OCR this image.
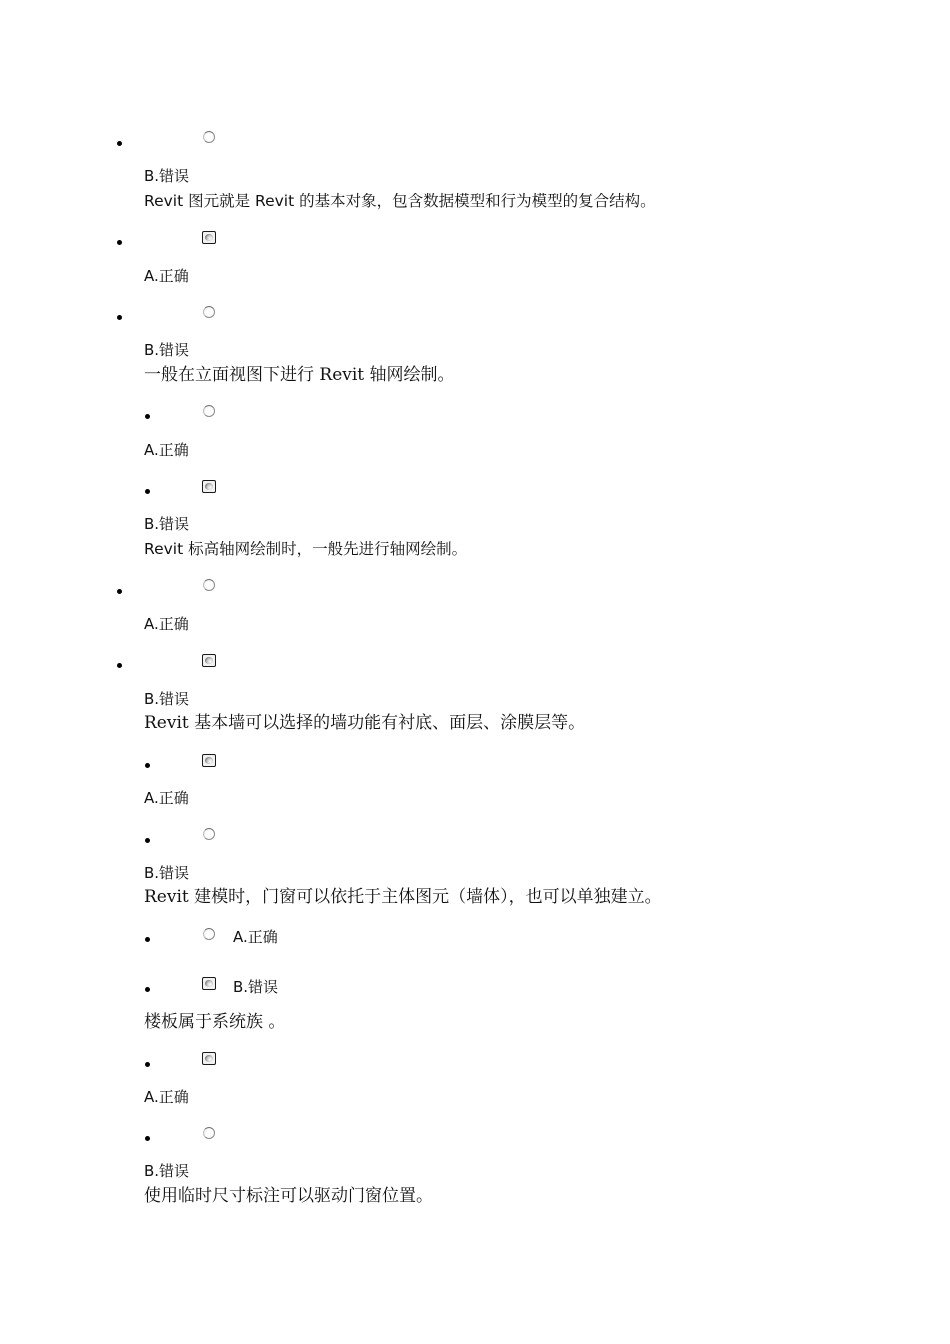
B.错误
Revit 图元就是 Revit 的基本对象，包含数据模型和行为模型的复合结构。
A.正确
B.错误
一般在立面视图下进行 Revit 轴网绘制。
A.正确
B.错误
Revit 标高轴网绘制时，一般先进行轴网绘制。
A.正确
B.错误
Revit 基本墙可以选择的墙功能有衬底、面层、涂膜层等。
A.正确
B.错误
Revit 建模时，门窗可以依托于主体图元（墙体），也可以单独建立。
A.正确
B.错误
楼板属于系统族 。
A.正确
B.错误
使用临时尺寸标注可以驱动门窗位置。
